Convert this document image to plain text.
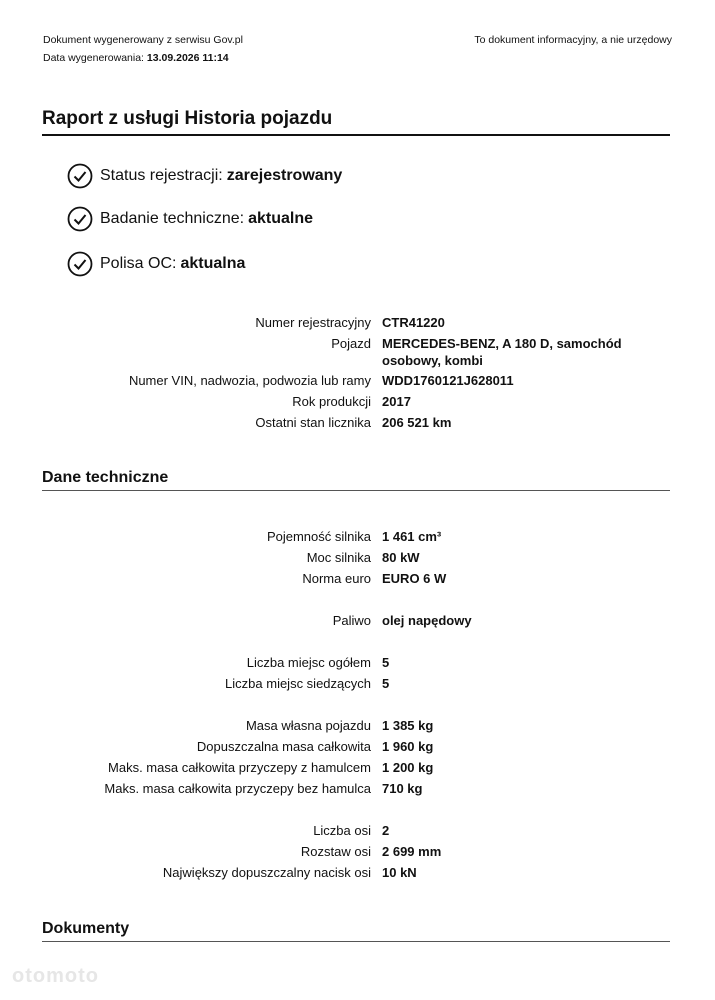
Dokument wygenerowany z serwisu Gov.pl
Data wygenerowania: 13.09.2026 11:14
To dokument informacyjny, a nie urzędowy
Raport z usługi Historia pojazdu
Status rejestracji: zarejestrowany
Badanie techniczne: aktualne
Polisa OC: aktualna
Numer rejestracyjny CTR41220
Pojazd MERCEDES-BENZ, A 180 D, samochód osobowy, kombi
Numer VIN, nadwozia, podwozia lub ramy WDD1760121J628011
Rok produkcji 2017
Ostatni stan licznika 206 521 km
Dane techniczne
Pojemność silnika 1 461 cm³
Moc silnika 80 kW
Norma euro EURO 6 W
Paliwo olej napędowy
Liczba miejsc ogółem 5
Liczba miejsc siedzących 5
Masa własna pojazdu 1 385 kg
Dopuszczalna masa całkowita 1 960 kg
Maks. masa całkowita przyczepy z hamulcem 1 200 kg
Maks. masa całkowita przyczepy bez hamulca 710 kg
Liczba osi 2
Rozstaw osi 2 699 mm
Największy dopuszczalny nacisk osi 10 kN
Dokumenty
otomoto
